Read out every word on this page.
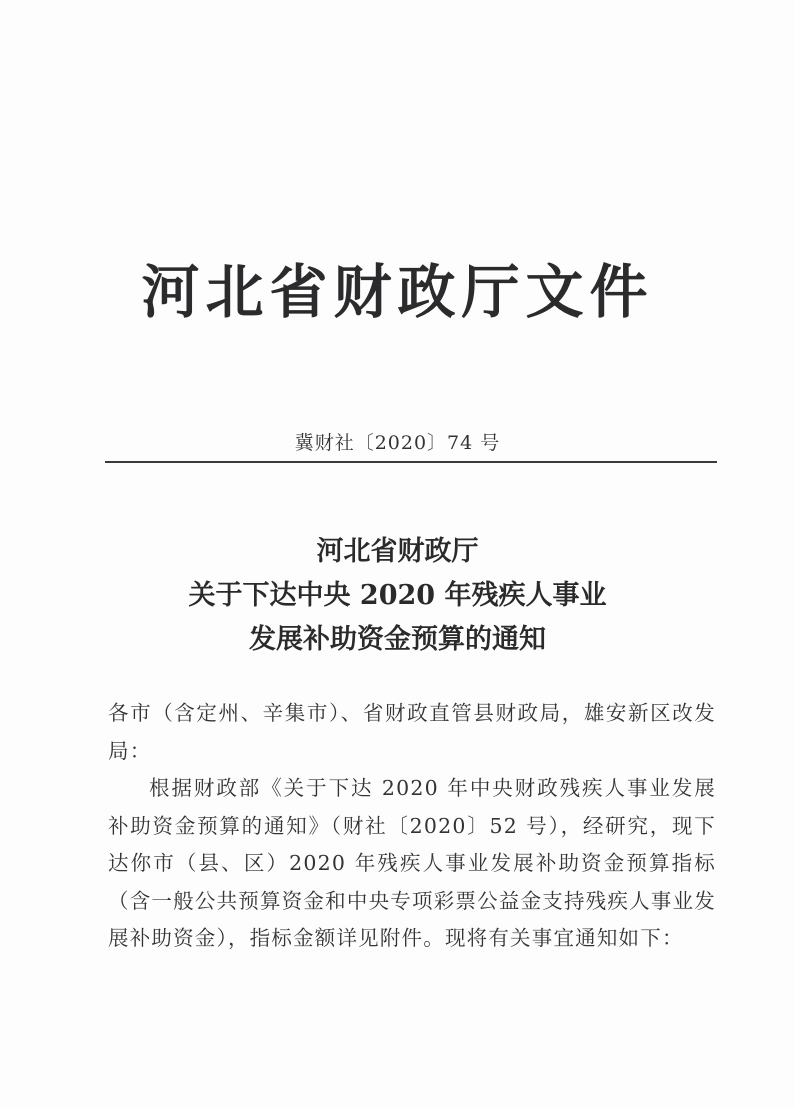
河北省财政厅文件
冀财社〔2020〕74 号
河北省财政厅
关于下达中央 2020 年残疾人事业
发展补助资金预算的通知

各市（含定州、辛集市）、省财政直管县财政局，雄安新区改发局：

根据财政部《关于下达 2020 年中央财政残疾人事业发展补助资金预算的通知》（财社〔2020〕52 号），经研究，现下达你市（县、区）2020 年残疾人事业发展补助资金预算指标（含一般公共预算资金和中央专项彩票公益金支持残疾人事业发展补助资金），指标金额详见附件。现将有关事宜通知如下：
